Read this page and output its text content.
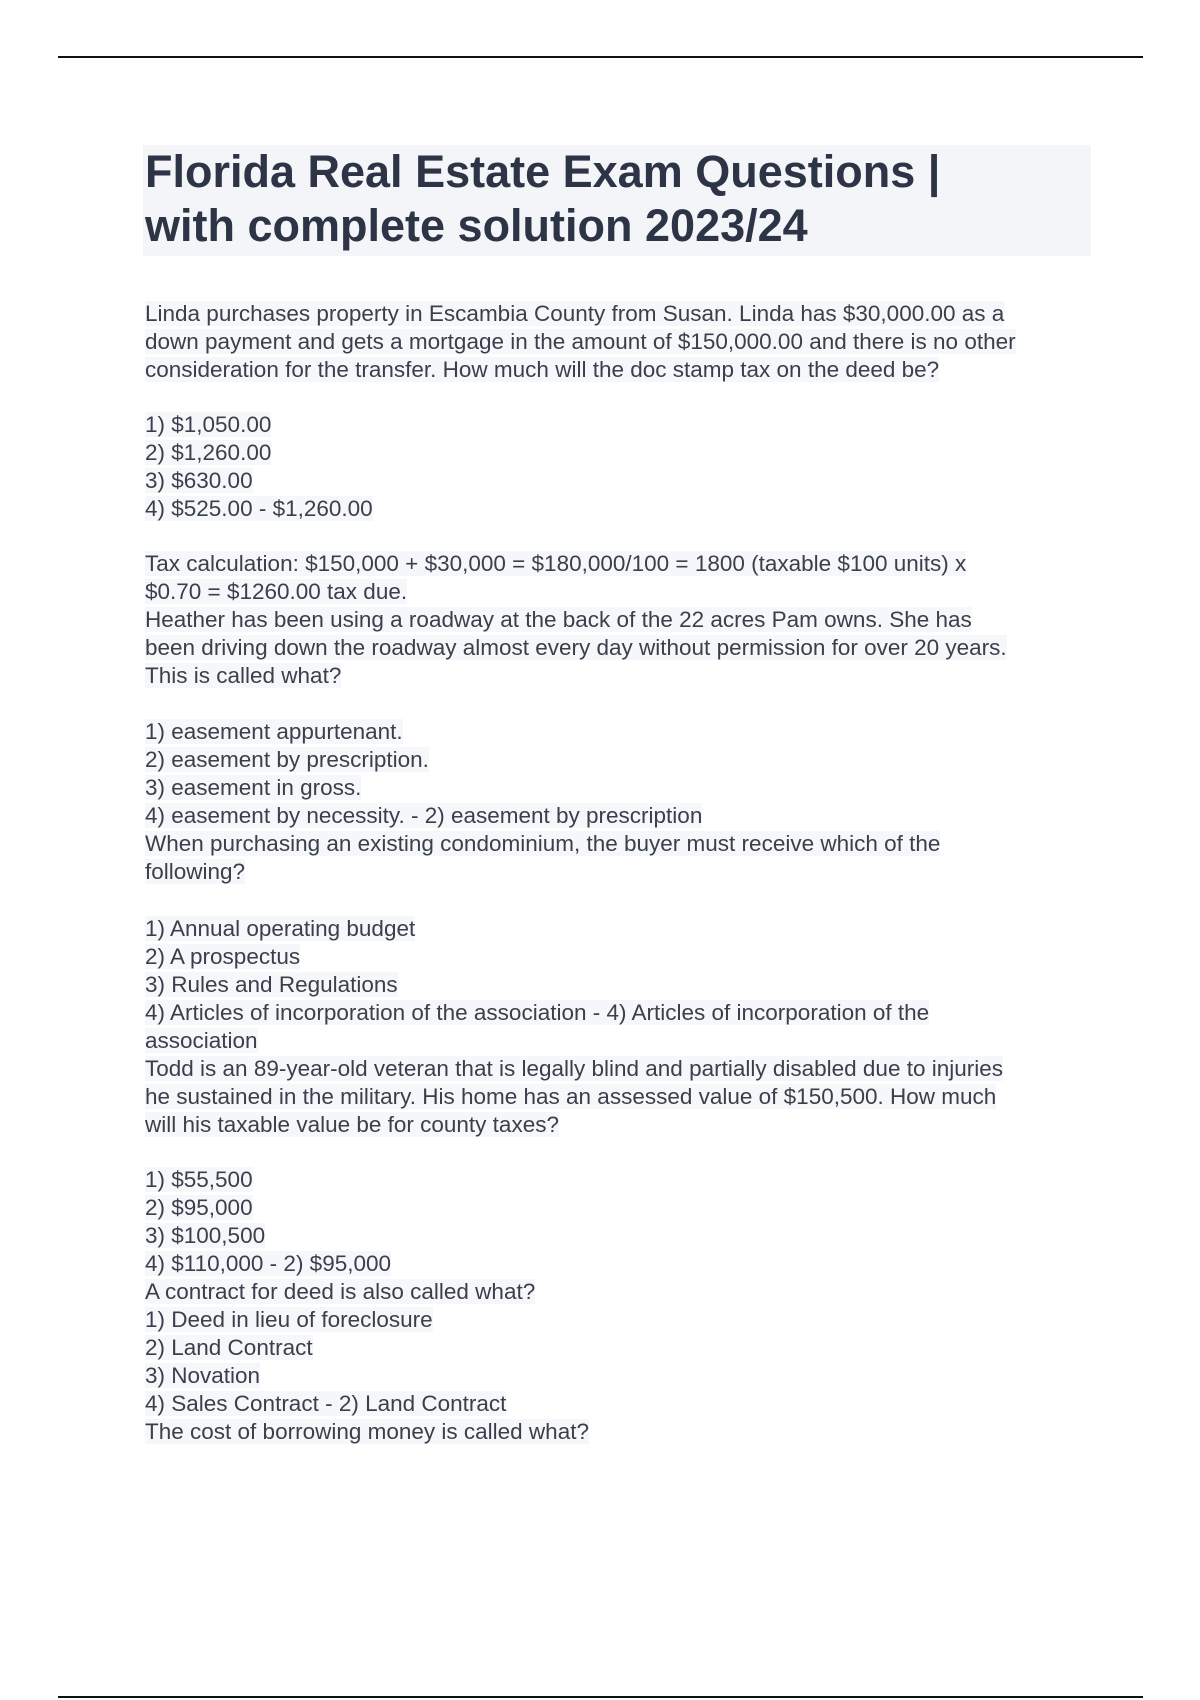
Florida Real Estate Exam Questions |
with complete solution 2023/24
Linda purchases property in Escambia County from Susan. Linda has $30,000.00 as a
down payment and gets a mortgage in the amount of $150,000.00 and there is no other
consideration for the transfer. How much will the doc stamp tax on the deed be?
1) $1,050.00
2) $1,260.00
3) $630.00
4) $525.00 - $1,260.00
Tax calculation: $150,000 + $30,000 = $180,000/100 = 1800 (taxable $100 units) x
$0.70 = $1260.00 tax due.
Heather has been using a roadway at the back of the 22 acres Pam owns. She has
been driving down the roadway almost every day without permission for over 20 years.
This is called what?
1) easement appurtenant.
2) easement by prescription.
3) easement in gross.
4) easement by necessity. - 2) easement by prescription
When purchasing an existing condominium, the buyer must receive which of the
following?
1) Annual operating budget
2) A prospectus
3) Rules and Regulations
4) Articles of incorporation of the association - 4) Articles of incorporation of the
association
Todd is an 89-year-old veteran that is legally blind and partially disabled due to injuries
he sustained in the military. His home has an assessed value of $150,500. How much
will his taxable value be for county taxes?
1) $55,500
2) $95,000
3) $100,500
4) $110,000 - 2) $95,000
A contract for deed is also called what?
1) Deed in lieu of foreclosure
2) Land Contract
3) Novation
4) Sales Contract - 2) Land Contract
The cost of borrowing money is called what?
